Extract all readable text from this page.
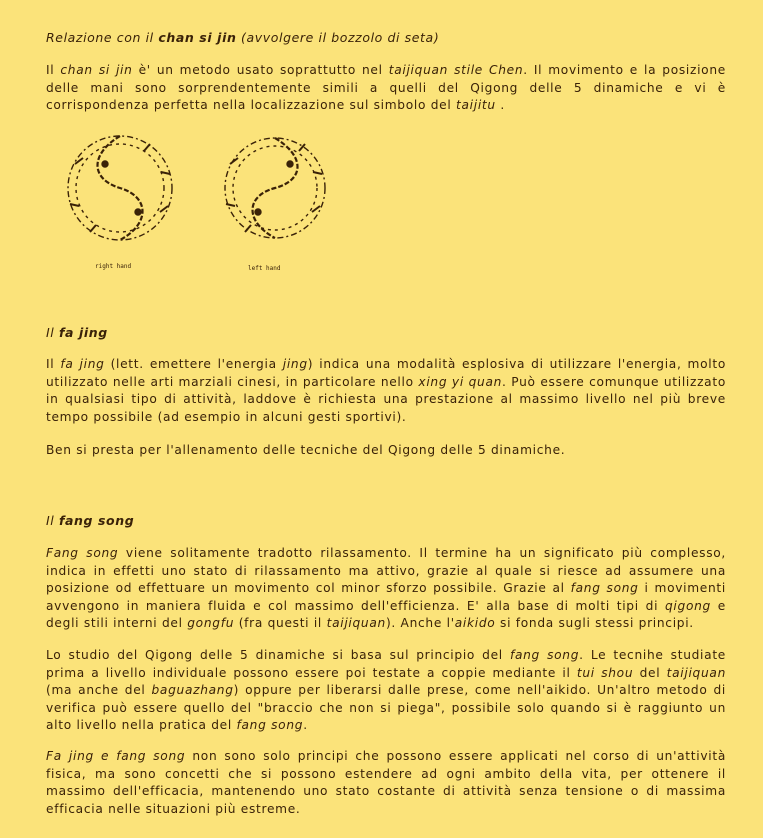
Relazione con il chan si jin (avvolgere il bozzolo di seta)

Il chan si jin è' un metodo usato soprattutto nel taijiquan stile Chen. Il movimento e la posizione delle mani sono sorprendentemente simili a quelli del Qigong delle 5 dinamiche e vi è corrispondenza perfetta nella localizzazione sul simbolo del taijitu .

right hand	left hand
Il fa jing

Il fa jing (lett. emettere l'energia jing) indica una modalità esplosiva di utilizzare l'energia, molto utilizzato nelle arti marziali cinesi, in particolare nello xing yi quan. Può essere comunque utilizzato in qualsiasi tipo di attività, laddove è richiesta una prestazione al massimo livello nel più breve tempo possibile (ad esempio in alcuni gesti sportivi).

Ben si presta per l'allenamento delle tecniche del Qigong delle 5 dinamiche.

Il fang song

Fang song viene solitamente tradotto rilassamento. Il termine ha un significato più complesso, indica in effetti uno stato di rilassamento ma attivo, grazie al quale si riesce ad assumere una posizione od effettuare un movimento col minor sforzo possibile. Grazie al fang song i movimenti avvengono in maniera fluida e col massimo dell'efficienza. E' alla base di molti tipi di qigong e degli stili interni del gongfu (fra questi il taijiquan). Anche l'aikido si fonda sugli stessi principi.

Lo studio del Qigong delle 5 dinamiche si basa sul principio del fang song. Le tecnihe studiate prima a livello individuale possono essere poi testate a coppie mediante il tui shou del taijiquan (ma anche del baguazhang) oppure per liberarsi dalle prese, come nell'aikido. Un'altro metodo di verifica può essere quello del "braccio che non si piega", possibile solo quando si è raggiunto un alto livello nella pratica del fang song.

Fa jing e fang song non sono solo principi che possono essere applicati nel corso di un'attività fisica, ma sono concetti che si possono estendere ad ogni ambito della vita, per ottenere il massimo dell'efficacia, mantenendo uno stato costante di attività senza tensione o di massima efficacia nelle situazioni più estreme.
